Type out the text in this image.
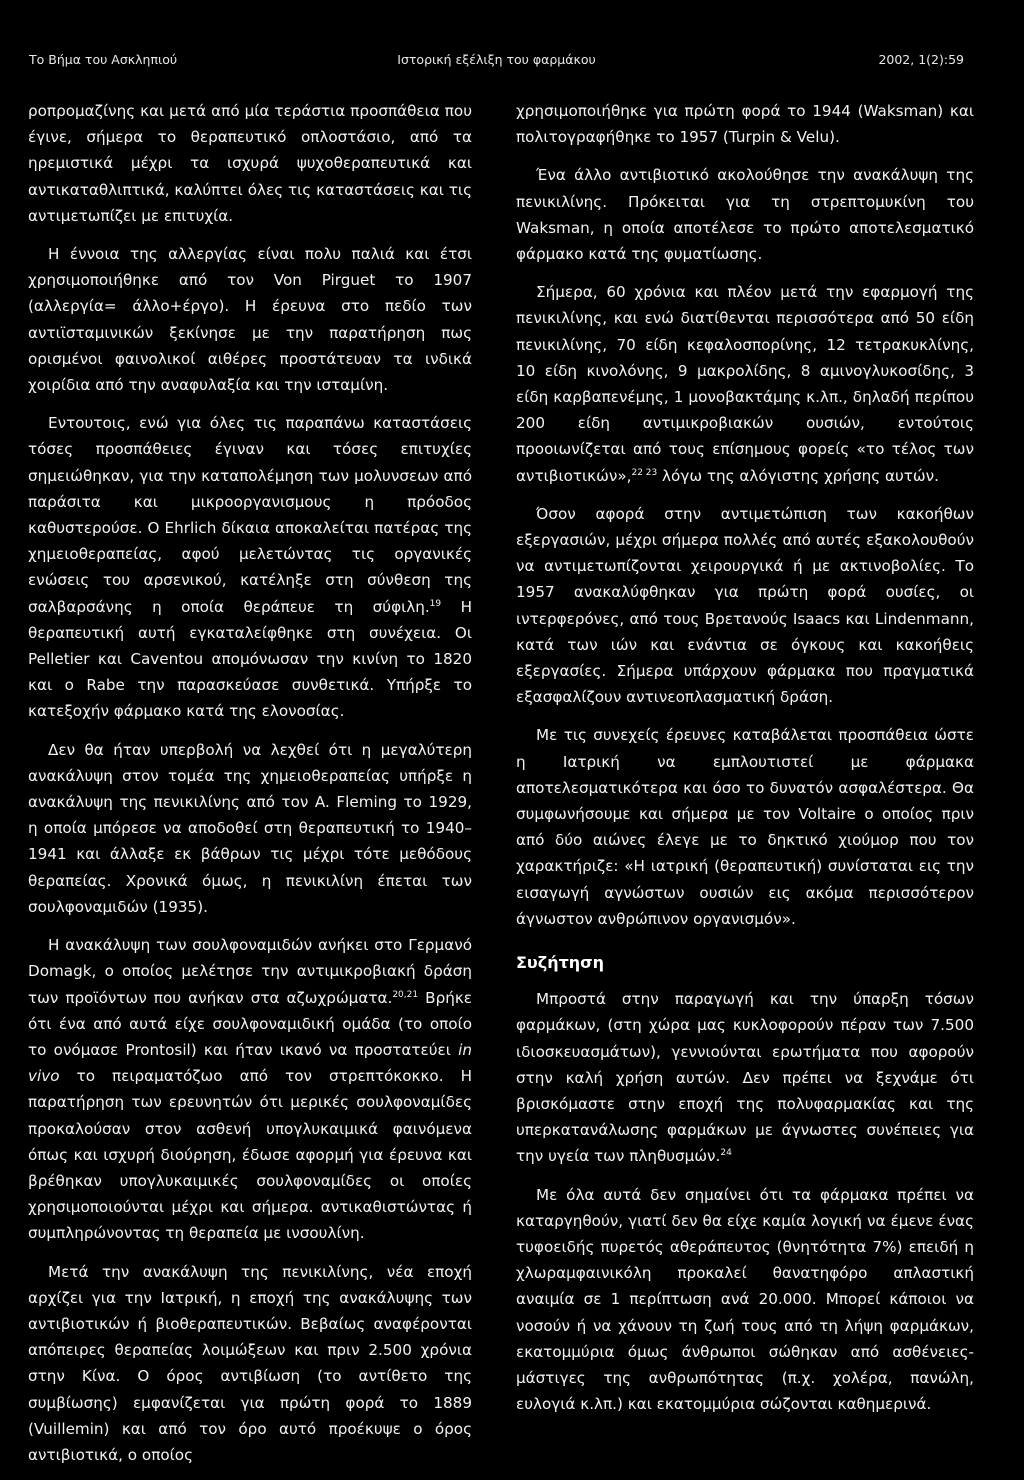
Το Βήμα του Ασκληπιού	Ιστορική εξέλιξη του φαρμάκου	2002, 1(2):59

ροπρομαζίνης και μετά από μία τεράστια προσπάθεια που έγινε, σήμερα το θεραπευτικό οπλοστάσιο, από τα ηρεμιστικά μέχρι τα ισχυρά ψυχοθεραπευτικά και αντικαταθλιπτικά, καλύπτει όλες τις καταστάσεις και τις αντιμετωπίζει με επιτυχία.

Η έννοια της αλλεργίας είναι πολυ παλιά και έτσι χρησιμοποιήθηκε από τον Von Pirguet το 1907 (αλλεργία= άλλο+έργο). Η έρευνα στο πεδίο των αντιϊσταμινικών ξεκίνησε με την παρατήρηση πως ορισμένοι φαινολικοί αιθέρες προστάτευαν τα ινδικά χοιρίδια από την αναφυλαξία και την ισταμίνη.

Εντουτοις, ενώ για όλες τις παραπάνω καταστάσεις τόσες προσπάθειες έγιναν και τόσες επιτυχίες σημειώθηκαν, για την καταπολέμηση των μολυνσεων από παράσιτα και μικροοργανισμους η πρόοδος καθυστερούσε. Ο Ehrlich δίκαια αποκαλείται πατέρας της χημειοθεραπείας, αφού μελετώντας τις οργανικές ενώσεις του αρσενικού, κατέληξε στη σύνθεση της σαλβαρσάνης η οποία θεράπευε τη σύφιλη.$^{19}$ Η θεραπευτική αυτή εγκαταλείφθηκε στη συνέχεια. Οι Pelletier και Caventou απομόνωσαν την κινίνη το 1820 και ο Rabe την παρασκεύασε συνθετικά. Υπήρξε το κατεξοχήν φάρμακο κατά της ελονοσίας.

Δεν θα ήταν υπερβολή να λεχθεί ότι η μεγαλύτερη ανακάλυψη στον τομέα της χημειοθεραπείας υπήρξε η ανακάλυψη της πενικιλίνης από τον A. Fleming το 1929, η οποία μπόρεσε να αποδοθεί στη θεραπευτική το 1940–1941 και άλλαξε εκ βάθρων τις μέχρι τότε μεθόδους θεραπείας. Χρονικά όμως, η πενικιλίνη έπεται των σουλφοναμιδών (1935).

Η ανακάλυψη των σουλφοναμιδών ανήκει στο Γερμανό Domagk, ο οποίος μελέτησε την αντιμικροβιακή δράση των προϊόντων που ανήκαν στα αζωχρώματα.$^{20,21}$ Βρήκε ότι ένα από αυτά είχε σουλφοναμιδική ομάδα (το οποίο το ονόμασε Prontosil) και ήταν ικανό να προστατεύει in vivo το πειραματόζωο από τον στρεπτόκοκκο. Η παρατήρηση των ερευνητών ότι μερικές σουλφοναμίδες προκαλούσαν στον ασθενή υπογλυκαιμικά φαινόμενα όπως και ισχυρή διούρηση, έδωσε αφορμή για έρευνα και βρέθηκαν υπογλυκαιμικές σουλφοναμίδες οι οποίες χρησιμοποιούνται μέχρι και σήμερα. αντικαθιστώντας ή συμπληρώνοντας τη θεραπεία με ινσουλίνη.

Μετά την ανακάλυψη της πενικιλίνης, νέα εποχή αρχίζει για την Ιατρική, η εποχή της ανακάλυψης των αντιβιοτικών ή βιοθεραπευτικών. Βεβαίως αναφέρονται απόπειρες θεραπείας λοιμώξεων και πριν 2.500 χρόνια στην Κίνα. Ο όρος αντιβίωση (το αντίθετο της συμβίωσης) εμφανίζεται για πρώτη φορά το 1889 (Vuillemin) και από τον όρο αυτό προέκυψε ο όρος αντιβιοτικά, ο οποίος

χρησιμοποιήθηκε για πρώτη φορά το 1944 (Waksman) και πολιτογραφήθηκε το 1957 (Turpin & Velu).

Ένα άλλο αντιβιοτικό ακολούθησε την ανακάλυψη της πενικιλίνης. Πρόκειται για τη στρεπτομυκίνη του Waksman, η οποία αποτέλεσε το πρώτο αποτελεσματικό φάρμακο κατά της φυματίωσης.

Σήμερα, 60 χρόνια και πλέον μετά την εφαρμογή της πενικιλίνης, και ενώ διατίθενται περισσότερα από 50 είδη πενικιλίνης, 70 είδη κεφαλοσπορίνης, 12 τετρακυκλίνης, 10 είδη κινολόνης, 9 μακρολίδης, 8 αμινογλυκοσίδης, 3 είδη καρβαπενέμης, 1 μονοβακτάμης κ.λπ., δηλαδή περίπου 200 είδη αντιμικροβιακών ουσιών, εντούτοις προοιωνίζεται από τους επίσημους φορείς «το τέλος των αντιβιοτικών»,$^{22 23}$ λόγω της αλόγιστης χρήσης αυτών.

Όσον αφορά στην αντιμετώπιση των κακοήθων εξεργασιών, μέχρι σήμερα πολλές από αυτές εξακολουθούν να αντιμετωπίζονται χειρουργικά ή με ακτινοβολίες. Το 1957 ανακαλύφθηκαν για πρώτη φορά ουσίες, οι ιντερφερόνες, από τους Βρετανούς Isaacs και Lindenmann, κατά των ιών και ενάντια σε όγκους και κακοήθεις εξεργασίες. Σήμερα υπάρχουν φάρμακα που πραγματικά εξασφαλίζουν αντινεοπλασματική δράση.

Με τις συνεχείς έρευνες καταβάλεται προσπάθεια ώστε η Ιατρική να εμπλουτιστεί με φάρμακα αποτελεσματικότερα και όσο το δυνατόν ασφαλέστερα. Θα συμφωνήσουμε και σήμερα με τον Voltaire ο οποίος πριν από δύο αιώνες έλεγε με το δηκτικό χιούμορ που τον χαρακτήριζε: «Η ιατρική (θεραπευτική) συνίσταται εις την εισαγωγή αγνώστων ουσιών εις ακόμα περισσότερον άγνωστον ανθρώπινον οργανισμόν».

Συζήτηση

Μπροστά στην παραγωγή και την ύπαρξη τόσων φαρμάκων, (στη χώρα μας κυκλοφορούν πέραν των 7.500 ιδιοσκευασμάτων), γεννιούνται ερωτήματα που αφορούν στην καλή χρήση αυτών. Δεν πρέπει να ξεχνάμε ότι βρισκόμαστε στην εποχή της πολυφαρμακίας και της υπερκατανάλωσης φαρμάκων με άγνωστες συνέπειες για την υγεία των πληθυσμών.$^{24}$

Με όλα αυτά δεν σημαίνει ότι τα φάρμακα πρέπει να καταργηθούν, γιατί δεν θα είχε καμία λογική να έμενε ένας τυφοειδής πυρετός αθεράπευτος (θνητότητα 7%) επειδή η χλωραμφαινικόλη προκαλεί θανατηφόρο απλαστική αναιμία σε 1 περίπτωση ανά 20.000. Μπορεί κάποιοι να νοσούν ή να χάνουν τη ζωή τους από τη λήψη φαρμάκων, εκατομμύρια όμως άνθρωποι σώθηκαν από ασθένειες-μάστιγες της ανθρωπότητας (π.χ. χολέρα, πανώλη, ευλογιά κ.λπ.) και εκατομμύρια σώζονται καθημερινά.
